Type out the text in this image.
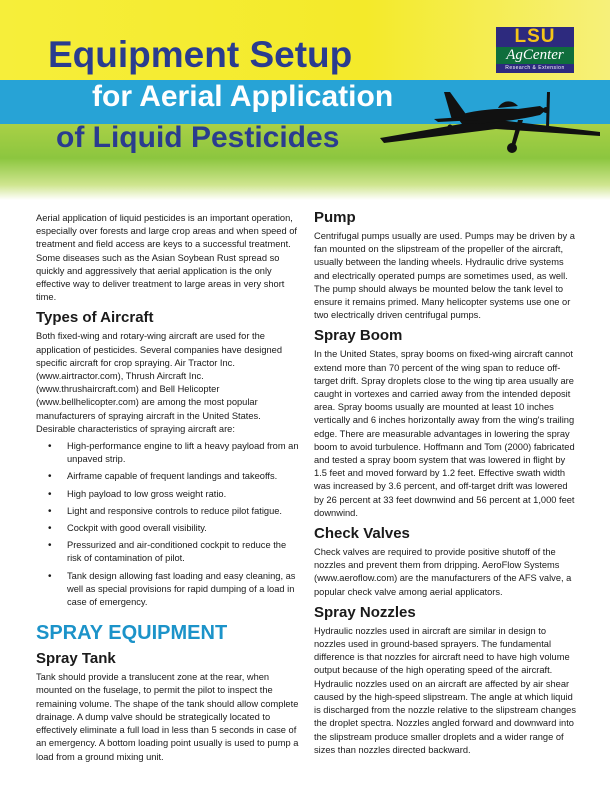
Equipment Setup
for Aerial Application
of Liquid Pesticides
LSU
AgCenter
Research & Extension

Aerial application of liquid pesticides is an important operation, especially over forests and large crop areas and when speed of treatment and field access are keys to a successful treatment. Some diseases such as the Asian Soybean Rust spread so quickly and aggressively that aerial application is the only effective way to deliver treatment to large areas in very short time.

Types of Aircraft

Both fixed-wing and rotary-wing aircraft are used for the application of pesticides. Several companies have designed specific aircraft for crop spraying. Air Tractor Inc. (www.airtractor.com), Thrush Aircraft Inc. (www.thrushaircraft.com) and Bell Helicopter (www.bellhelicopter.com) are among the most popular manufacturers of spraying aircraft in the United States. Desirable characteristics of spraying aircraft are:

• High-performance engine to lift a heavy payload from an unpaved strip.
• Airframe capable of frequent landings and takeoffs.
• High payload to low gross weight ratio.
• Light and responsive controls to reduce pilot fatigue.
• Cockpit with good overall visibility.
• Pressurized and air-conditioned cockpit to reduce the risk of contamination of pilot.
• Tank design allowing fast loading and easy cleaning, as well as special provisions for rapid dumping of a load in case of emergency.
SPRAY EQUIPMENT
Spray Tank

Tank should provide a translucent zone at the rear, when mounted on the fuselage, to permit the pilot to inspect the remaining volume. The shape of the tank should allow complete drainage. A dump valve should be strategically located to effectively eliminate a full load in less than 5 seconds in case of an emergency. A bottom loading point usually is used to pump a load from a ground mixing unit.

Pump

Centrifugal pumps usually are used. Pumps may be driven by a fan mounted on the slipstream of the propeller of the aircraft, usually between the landing wheels. Hydraulic drive systems and electrically operated pumps are sometimes used, as well. The pump should always be mounted below the tank level to ensure it remains primed. Many helicopter systems use one or two electrically driven centrifugal pumps.

Spray Boom

In the United States, spray booms on fixed-wing aircraft cannot extend more than 70 percent of the wing span to reduce off-target drift. Spray droplets close to the wing tip area usually are caught in vortexes and carried away from the intended deposit area. Spray booms usually are mounted at least 10 inches vertically and 6 inches horizontally away from the wing's trailing edge. There are measurable advantages in lowering the spray boom to avoid turbulence. Hoffmann and Tom (2000) fabricated and tested a spray boom system that was lowered in flight by 1.5 feet and moved forward by 1.2 feet. Effective swath width was increased by 3.6 percent, and off-target drift was lowered by 26 percent at 33 feet downwind and 56 percent at 1,000 feet downwind.

Check Valves

Check valves are required to provide positive shutoff of the nozzles and prevent them from dripping. AeroFlow Systems (www.aeroflow.com) are the manufacturers of the AFS valve, a popular check valve among aerial applicators.

Spray Nozzles

Hydraulic nozzles used in aircraft are similar in design to nozzles used in ground-based sprayers. The fundamental difference is that nozzles for aircraft need to have high volume output because of the high operating speed of the aircraft. Hydraulic nozzles used on an aircraft are affected by air shear caused by the high-speed slipstream. The angle at which liquid is discharged from the nozzle relative to the slipstream changes the droplet spectra. Nozzles angled forward and downward into the slipstream produce smaller droplets and a wider range of sizes than nozzles directed backward.
